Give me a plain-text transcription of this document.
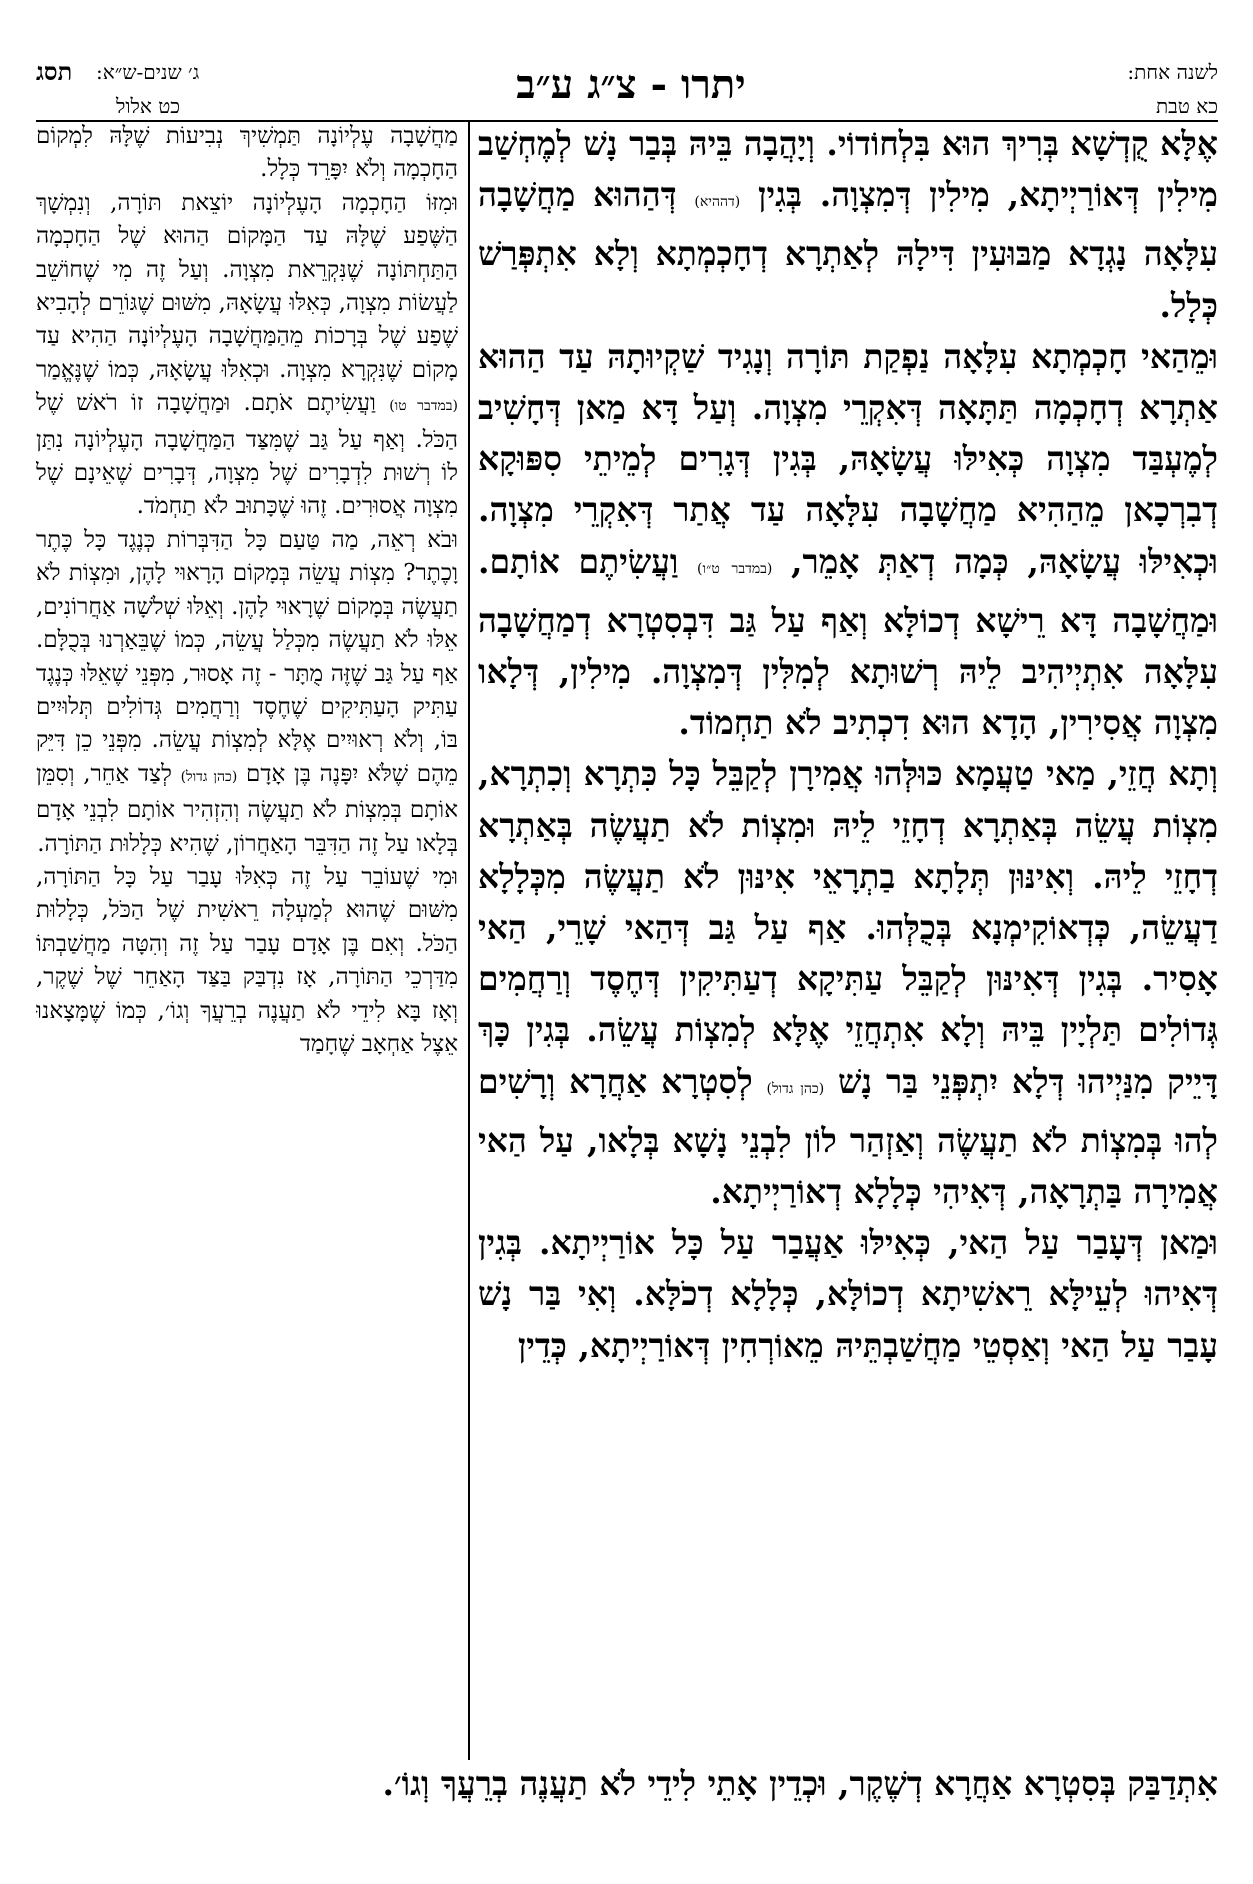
תסג ג׳ שנים-ש״א:
כט אלול	יתרו - צ״ג ע״ב	לשנה אחת:
כא טבת

אֶלָּא קֻדְשָׁא בְּרִיךְ הוּא בִּלְחוֹדוֹי. וְיָהֲבָה בֵּיהּ בְּבַר נָשׁ לְמֶחְשַׁב מִילִין דְּאוֹרַיְיתָא, מִילִין דְּמִצְוָה. בְּגִין (דההיא) דְּהַהוּא מַחֲשָׁבָה עִלָּאָה נָגְדָא מַבּוּעִין דִּילָהּ לְאַתְרָא דְחָכְמְתָא וְלָא אִתְפְּרַשׁ כְּלָל.

וּמֵהַאי חָכְמְתָא עִלָּאָה נַפְקַת תּוֹרָה וְנָגִיד שַׁקְיוּתָהּ עַד הַהוּא אַתְרָא דְחָכְמָה תַּתָּאָה דְּאִקְרֵי מִצְוָה. וְעַל דָּא מַאן דְּחָשִׁיב לְמֶעְבַּד מִצְוָה כְּאִילּוּ עֲשָׂאָהּ, בְּגִין דְּגָרִים לְמֵיתֵי סִפּוּקָא דְבִרְכָאן מֵהַהִיא מַחֲשָׁבָה עִלָּאָה עַד אֲתַר דְּאִקְרֵי מִצְוָה. וּכְאִילּוּ עֲשָׂאָהּ, כְּמָה דְאַתְּ אָמֵר, (במדבר ט״ו) וַעֲשִׂיתֶם אוֹתָם. וּמַחֲשָׁבָה דָּא רֵישָׁא דְכוֹלָּא וְאַף עַל גַּב דִּבְסִטְרָא דְמַחֲשָׁבָה עִלָּאָה אִתְיְיהִיב לֵיהּ רְשׁוּתָא לְמִלִּין דְּמִצְוָה. מִילִין, דְּלָאו מִצְוָה אֲסִירִין, הָדָא הוּא דִכְתִיב לֹא תַחְמוֹד.

וְתָא חֲזֵי, מַאי טַעֲמָא כּוּלְּהוּ אֲמִירָן לְקַבֵּל כָּל כִּתְרָא וְכִתְרָא, מִצְוֹת עֲשֵׂה בְּאַתְרָא דְחָזֵי לֵיהּ וּמִצְוֹת לֹא תַעֲשֶׂה בְּאַתְרָא דְחָזֵי לֵיהּ. וְאִינּוּן תְּלָתָא בַתְרָאֵי אִינּוּן לֹא תַעֲשֶׂה מִכְּלָלָא דַעֲשֵׂה, כְּדְאוֹקִימְנָא בְּכֻלְּהוּ. אַף עַל גַּב דְּהַאי שָׁרֵי, הַאי אָסִיר. בְּגִין דְּאִינּוּן לְקַבֵּל עַתִּיקָא דְעַתִּיקִין דְּחֶסֶד וְרַחֲמִים גְּדוֹלִים תַּלְיָין בֵּיהּ וְלָא אִתְחֲזֵי אֶלָּא לְמִצְוֹת עֲשֵׂה. בְּגִין כָּךְ דָּיֵיק מִנַּיְיהוּ דְּלָא יִתְפְּנֵי בַּר נָשׁ (כהן גדול) לְסִטְרָא אַחֲרָא וְרָשִׁים לְהוּ בְּמִצְוֹת לֹא תַעֲשֶׂה וְאַזְהַר לוֹן לִבְנֵי נָשָׁא בְּלָאו, עַל הַאי אֲמִירָה בַּתְרָאָה, דְּאִיהִי כְּלָלָא דְאוֹרַיְיתָא.

וּמַאן דְּעָבַר עַל הַאי, כְּאִילּוּ אַעֲבַר עַל כָּל אוֹרַיְיתָא. בְּגִין דְּאִיהוּ לְעֵילָּא רֵאשִׁיתָא דְכוֹלָּא, כְּלָלָא דְכֹלָּא. וְאִי בַּר נָשׁ עָבַר עַל הַאי וְאַסְטֵי מַחֲשַׁבְתֵּיהּ מֵאוֹרְחִין דְּאוֹרַיְיתָא, כְּדֵין

מַחֲשָׁבָה עֶלְיוֹנָה תַּמְשִׁיךְ נְבִיעוֹת שֶׁלָּהּ לִמְקוֹם הַחָכְמָה וְלֹא יִפָּרֵד כְּלָל.

וּמִזּוֹ הַחָכְמָה הָעֶלְיוֹנָה יוֹצֵאת תּוֹרָה, וְנִמְשָׁךְ הַשֶּׁפַע שֶׁלָּהּ עַד הַמָּקוֹם הַהוּא שֶׁל הַחָכְמָה הַתַּחְתּוֹנָה שֶׁנִּקְרֵאת מִצְוָה. וְעַל זֶה מִי שֶׁחוֹשֵׁב לַעֲשׂוֹת מִצְוָה, כְּאִלּוּ עֲשָׂאָהּ, מִשּׁוּם שֶׁגּוֹרֵם לְהָבִיא שֶׁפַע שֶׁל בְּרָכוֹת מֵהַמַּחֲשָׁבָה הָעֶלְיוֹנָה הַהִיא עַד מָקוֹם שֶׁנִּקְרָא מִצְוָה. וּכְאִלּוּ עֲשָׂאָהּ, כְּמוֹ שֶׁנֶּאֱמַר (במדבר טו) וַעֲשִׂיתֶם אֹתָם. וּמַחֲשָׁבָה זוֹ רֹאשׁ שֶׁל הַכֹּל. וְאַף עַל גַּב שֶׁמִּצַּד הַמַּחֲשָׁבָה הָעֶלְיוֹנָה נִתַּן לוֹ רְשׁוּת לִדְבָרִים שֶׁל מִצְוָה, דְּבָרִים שֶׁאֵינָם שֶׁל מִצְוָה אֲסוּרִים. זֶהוּ שֶׁכָּתוּב לֹא תַחְמֹד.

וּבֹא רְאֵה, מַה טַּעַם כָּל הַדִּבְּרוֹת כְּנֶגֶד כָּל כֶּתֶר וָכֶתֶר? מִצְוֹת עֲשֵׂה בְּמָקוֹם הָרָאוּי לָהֶן, וּמִצְוֹת לֹא תַעֲשֶׂה בְּמָקוֹם שֶׁרָאוּי לָהֶן. וְאֵלּוּ שְׁלֹשָׁה אַחֲרוֹנִים, אֵלּוּ לֹא תַעֲשֶׂה מִכְּלַל עֲשֵׂה, כְּמוֹ שֶׁבֵּאַרְנוּ בְּכֻלָּם. אַף עַל גַּב שֶׁזֶּה מֻתָּר - זֶה אָסוּר, מִפְּנֵי שֶׁאֵלּוּ כְּנֶגֶד עַתִּיק הָעַתִּיקִים שֶׁחֶסֶד וְרַחֲמִים גְּדוֹלִים תְּלוּיִים בּוֹ, וְלֹא רְאוּיִים אֶלָּא לְמִצְוֹת עֲשֵׂה. מִפְּנֵי כֵן דִּיֵּק מֵהֶם שֶׁלֹּא יִפָּנֶה בֶּן אָדָם (כהן גדול) לְצַד אַחֵר, וְסִמֵּן אוֹתָם בְּמִצְוֹת לֹא תַעֲשֶׂה וְהִזְהִיר אוֹתָם לִבְנֵי אָדָם בְּלָאו עַל זֶה הַדִּבֵּר הָאַחֲרוֹן, שֶׁהִיא כְּלָלוּת הַתּוֹרָה.

וּמִי שֶׁעוֹבֵר עַל זֶה כְּאִלּוּ עָבַר עַל כָּל הַתּוֹרָה, מִשּׁוּם שֶׁהוּא לְמַעְלָה רֵאשִׁית שֶׁל הַכֹּל, כְּלָלוּת הַכֹּל. וְאִם בֶּן אָדָם עָבַר עַל זֶה וְהִטָּה מַחֲשַׁבְתּוֹ מִדַּרְכֵי הַתּוֹרָה, אָז נִדְבַּק בַּצַּד הָאַחֵר שֶׁל שֶׁקֶר, וְאָז בָּא לִידֵי לֹא תַעֲנֶה בְרֵעֲךָ וְגוֹ׳, כְּמוֹ שֶׁמָּצָאנוּ אֵצֶל אַחְאָב שֶׁחָמַד

אִתְדַבַּק בְּסִטְרָא אַחֲרָא דְשֶׁקֶר, וּכְדֵין אָתֵי לִידֵי לֹא תַעֲנֶה בְרֵעֲךָ וְגוֹ׳.
